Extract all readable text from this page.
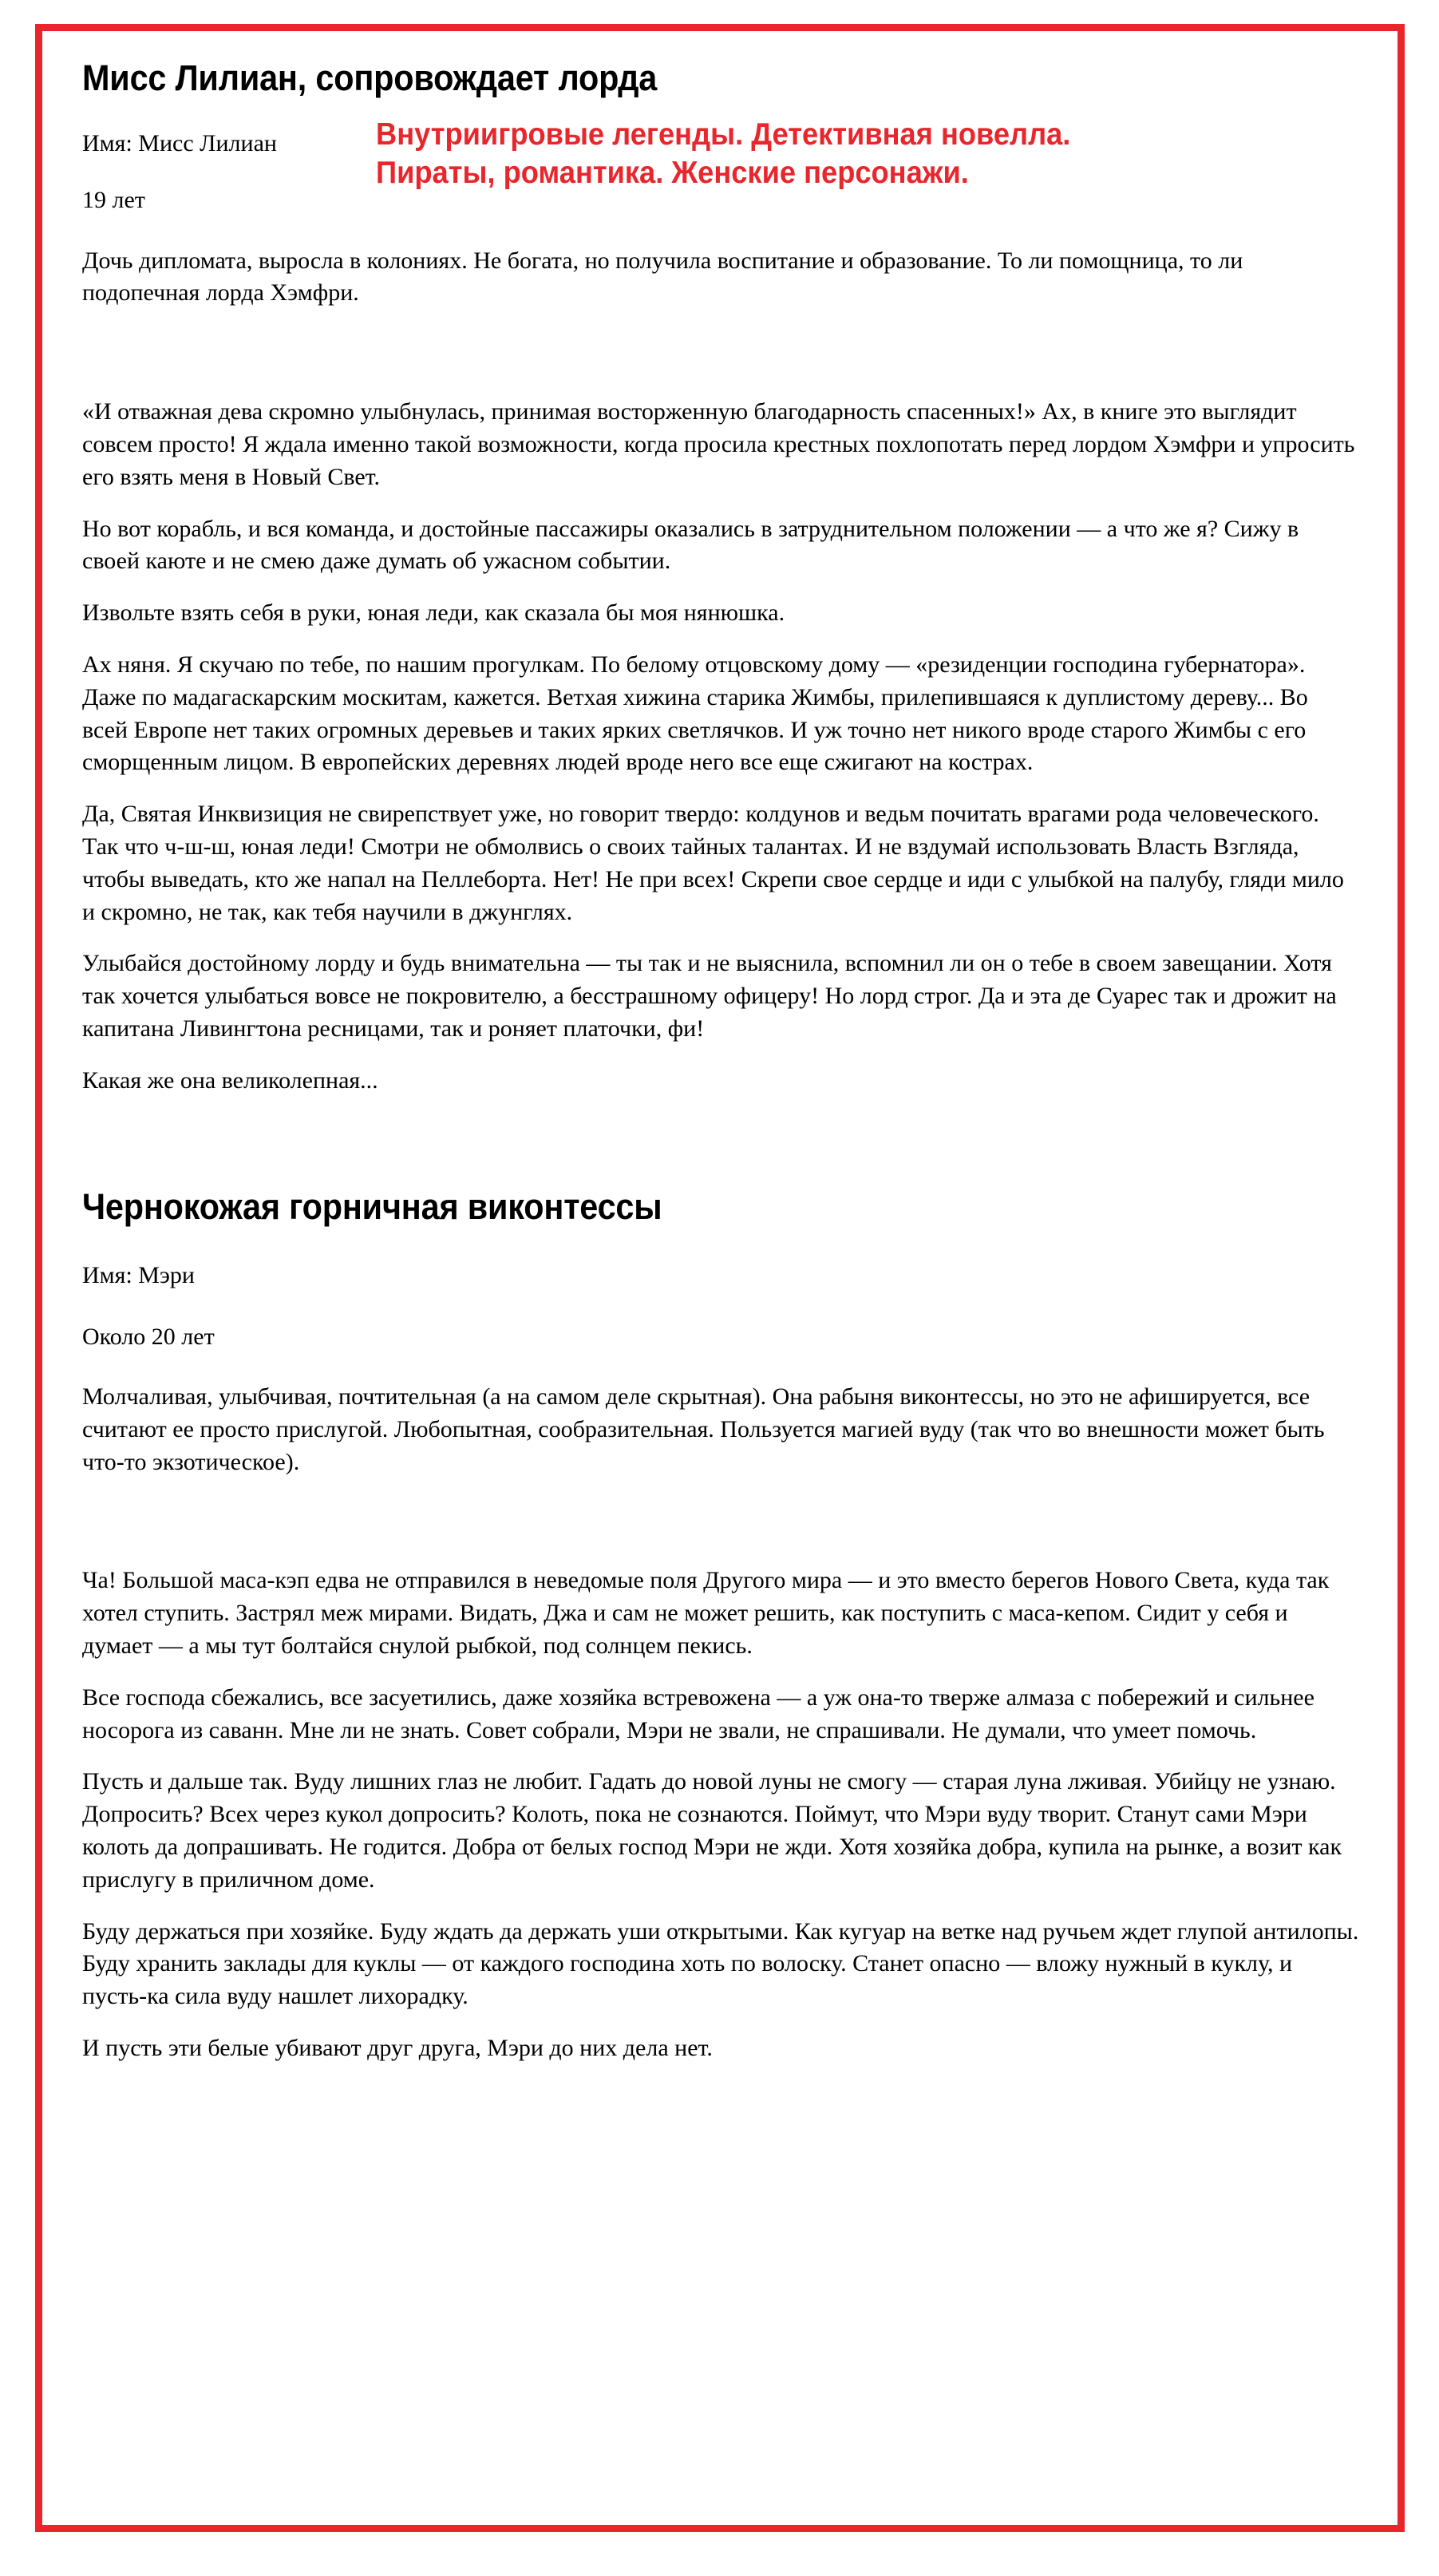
Мисс Лилиан, сопровождает лорда
Внутриигровые легенды. Детективная новелла.
Пираты, романтика. Женские персонажи.

Имя: Мисс Лилиан

19 лет

Дочь дипломата, выросла в колониях. Не богата, но получила воспитание и образование. То ли помощница, то ли подопечная лорда Хэмфри.

«И отважная дева скромно улыбнулась, принимая восторженную благодарность спасенных!» Ах, в книге это выглядит совсем просто! Я ждала именно такой возможности, когда просила крестных похлопотать перед лордом Хэмфри и упросить его взять меня в Новый Свет.

Но вот корабль, и вся команда, и достойные пассажиры оказались в затруднительном положении — а что же я? Сижу в своей каюте и не смею даже думать об ужасном событии.

Извольте взять себя в руки, юная леди, как сказала бы моя нянюшка.

Ах няня. Я скучаю по тебе, по нашим прогулкам. По белому отцовскому дому — «резиденции господина губернатора». Даже по мадагаскарским москитам, кажется. Ветхая хижина старика Жимбы, прилепившаяся к дуплистому дереву... Во всей Европе нет таких огромных деревьев и таких ярких светлячков. И уж точно нет никого вроде старого Жимбы с его сморщенным лицом. В европейских деревнях людей вроде него все еще сжигают на кострах.

Да, Святая Инквизиция не свирепствует уже, но говорит твердо: колдунов и ведьм почитать врагами рода человеческого. Так что ч-ш-ш, юная леди! Смотри не обмолвись о своих тайных талантах. И не вздумай использовать Власть Взгляда, чтобы выведать, кто же напал на Пеллеборта. Нет! Не при всех! Скрепи свое сердце и иди с улыбкой на палубу, гляди мило и скромно, не так, как тебя научили в джунглях.

Улыбайся достойному лорду и будь внимательна — ты так и не выяснила, вспомнил ли он о тебе в своем завещании. Хотя так хочется улыбаться вовсе не покровителю, а бесстрашному офицеру! Но лорд строг. Да и эта де Суарес так и дрожит на капитана Ливингтона ресницами, так и роняет платочки, фи!

Какая же она великолепная...

Чернокожая горничная виконтессы

Имя: Мэри

Около 20 лет

Молчаливая, улыбчивая, почтительная (а на самом деле скрытная). Она рабыня виконтессы, но это не афишируется, все считают ее просто прислугой. Любопытная, сообразительная. Пользуется магией вуду (так что во внешности может быть что-то экзотическое).

Ча! Большой маса-кэп едва не отправился в неведомые поля Другого мира — и это вместо берегов Нового Света, куда так хотел ступить. Застрял меж мирами. Видать, Джа и сам не может решить, как поступить с маса-кепом. Сидит у себя и думает — а мы тут болтайся снулой рыбкой, под солнцем пекись.

Все господа сбежались, все засуетились, даже хозяйка встревожена — а уж она-то тверже алмаза с побережий и сильнее носорога из саванн. Мне ли не знать. Совет собрали, Мэри не звали, не спрашивали. Не думали, что умеет помочь.

Пусть и дальше так. Вуду лишних глаз не любит. Гадать до новой луны не смогу — старая луна лживая. Убийцу не узнаю. Допросить? Всех через кукол допросить? Колоть, пока не сознаются. Поймут, что Мэри вуду творит. Станут сами Мэри колоть да допрашивать. Не годится. Добра от белых господ Мэри не жди. Хотя хозяйка добра, купила на рынке, а возит как прислугу в приличном доме.

Буду держаться при хозяйке. Буду ждать да держать уши открытыми. Как кугуар на ветке над ручьем ждет глупой антилопы. Буду хранить заклады для куклы — от каждого господина хоть по волоску. Станет опасно — вложу нужный в куклу, и пусть-ка сила вуду нашлет лихорадку.

И пусть эти белые убивают друг друга, Мэри до них дела нет.
